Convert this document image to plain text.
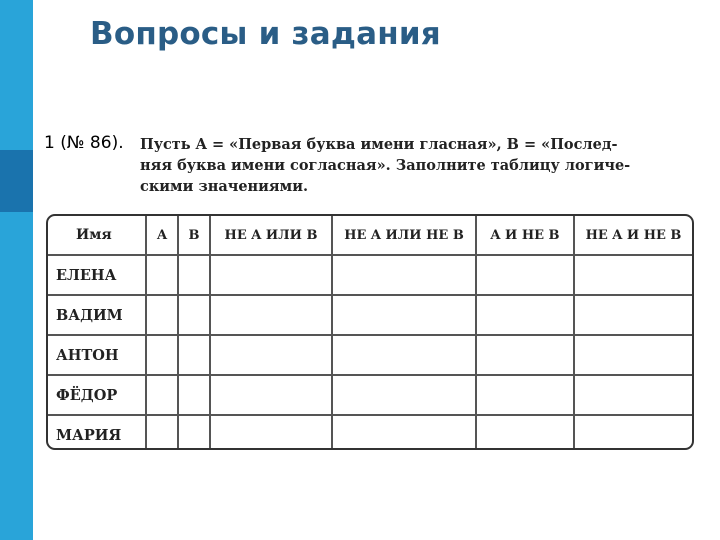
Вопросы и задания
1 (№ 86). Пусть A = «Первая буква имени гласная», B = «Послед-
няя буква имени согласная». Заполните таблицу логиче-
скими значениями.
Имя	A	B	НЕ A ИЛИ B	НЕ A ИЛИ НЕ B	A И НЕ B	НЕ A И НЕ B
ЕЛЕНА						
ВАДИМ						
АНТОН						
ФЁДОР						
МАРИЯ						
